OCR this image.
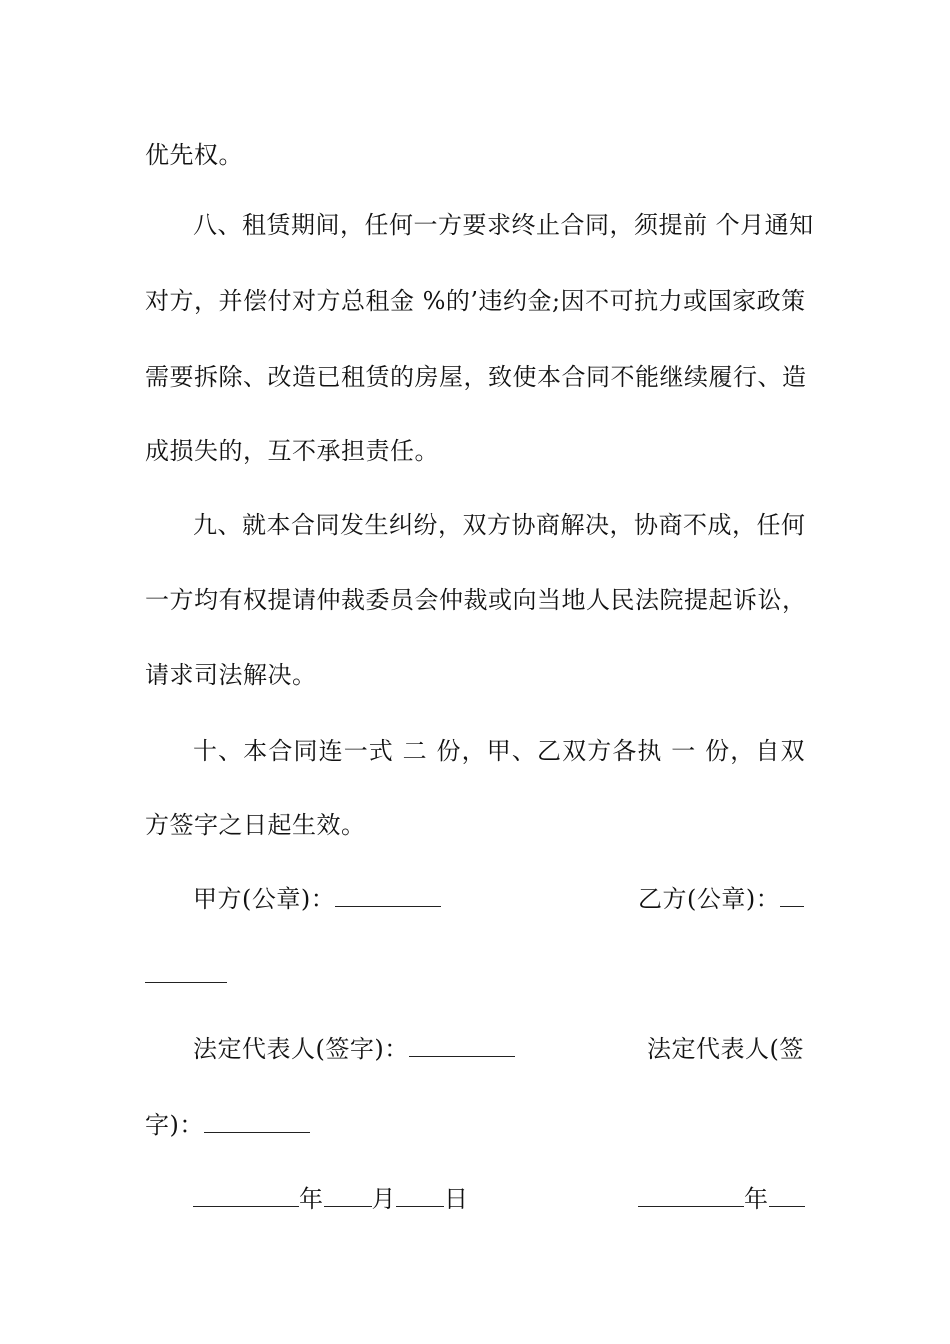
优先权。
八、租赁期间，任何一方要求终止合同，须提前 个月通知
对方，并偿付对方总租金 %的’违约金;因不可抗力或国家政策
需要拆除、改造已租赁的房屋，致使本合同不能继续履行、造
成损失的，互不承担责任。
九、就本合同发生纠纷，双方协商解决，协商不成，任何
一方均有权提请仲裁委员会仲裁或向当地人民法院提起诉讼，
请求司法解决。
十、本合同连一式 二 份，甲、乙双方各执 一 份，自双
方签字之日起生效。
甲方(公章)：	乙方(公章)：
法定代表人(签字)：	法定代表人(签
字)：
年 月 日	年
